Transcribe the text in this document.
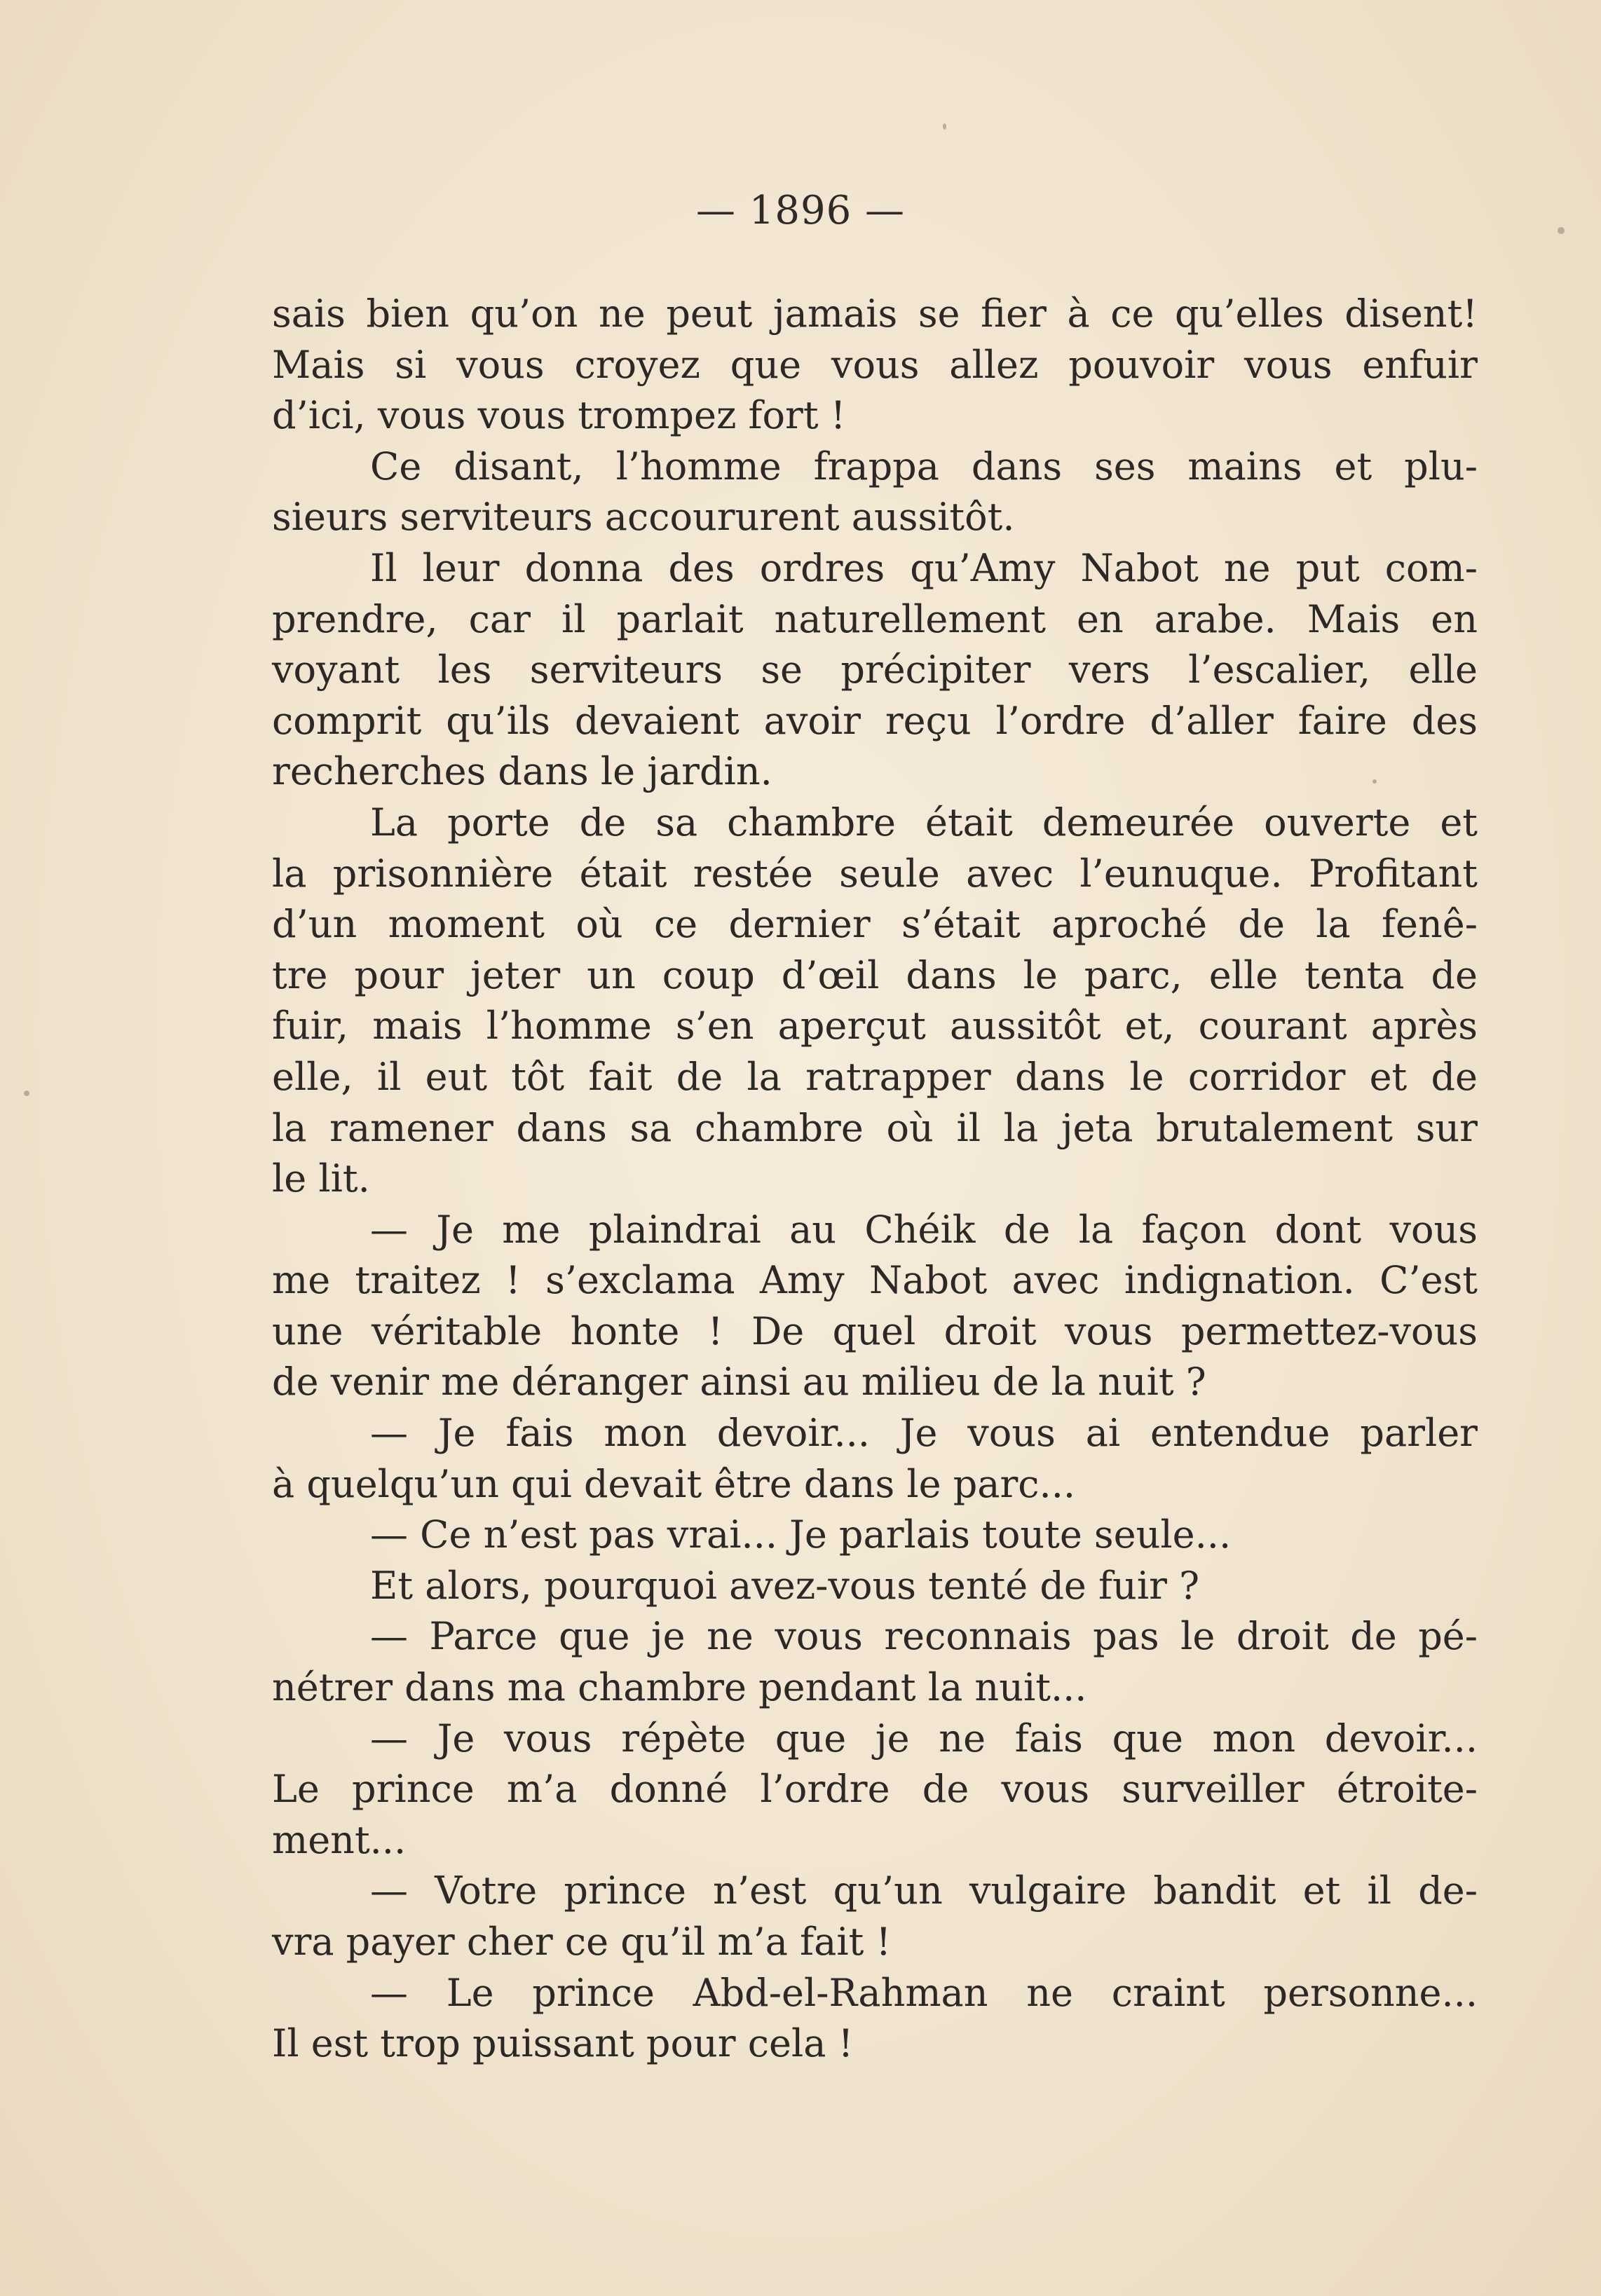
— 1896 —
sais bien qu’on ne peut jamais se fier à ce qu’elles disent!
Mais si vous croyez que vous allez pouvoir vous enfuir
d’ici, vous vous trompez fort !
Ce disant, l’homme frappa dans ses mains et plu-
sieurs serviteurs accoururent aussitôt.
Il leur donna des ordres qu’Amy Nabot ne put com-
prendre, car il parlait naturellement en arabe. Mais en
voyant les serviteurs se précipiter vers l’escalier, elle
comprit qu’ils devaient avoir reçu l’ordre d’aller faire des
recherches dans le jardin.
La porte de sa chambre était demeurée ouverte et
la prisonnière était restée seule avec l’eunuque. Profitant
d’un moment où ce dernier s’était aproché de la fenê-
tre pour jeter un coup d’œil dans le parc, elle tenta de
fuir, mais l’homme s’en aperçut aussitôt et, courant après
elle, il eut tôt fait de la ratrapper dans le corridor et de
la ramener dans sa chambre où il la jeta brutalement sur
le lit.
— Je me plaindrai au Chéik de la façon dont vous
me traitez ! s’exclama Amy Nabot avec indignation. C’est
une véritable honte ! De quel droit vous permettez-vous
de venir me déranger ainsi au milieu de la nuit ?
— Je fais mon devoir... Je vous ai entendue parler
à quelqu’un qui devait être dans le parc...
— Ce n’est pas vrai... Je parlais toute seule...
Et alors, pourquoi avez-vous tenté de fuir ?
— Parce que je ne vous reconnais pas le droit de pé-
nétrer dans ma chambre pendant la nuit...
— Je vous répète que je ne fais que mon devoir...
Le prince m’a donné l’ordre de vous surveiller étroite-
ment...
— Votre prince n’est qu’un vulgaire bandit et il de-
vra payer cher ce qu’il m’a fait !
— Le prince Abd-el-Rahman ne craint personne...
Il est trop puissant pour cela !
